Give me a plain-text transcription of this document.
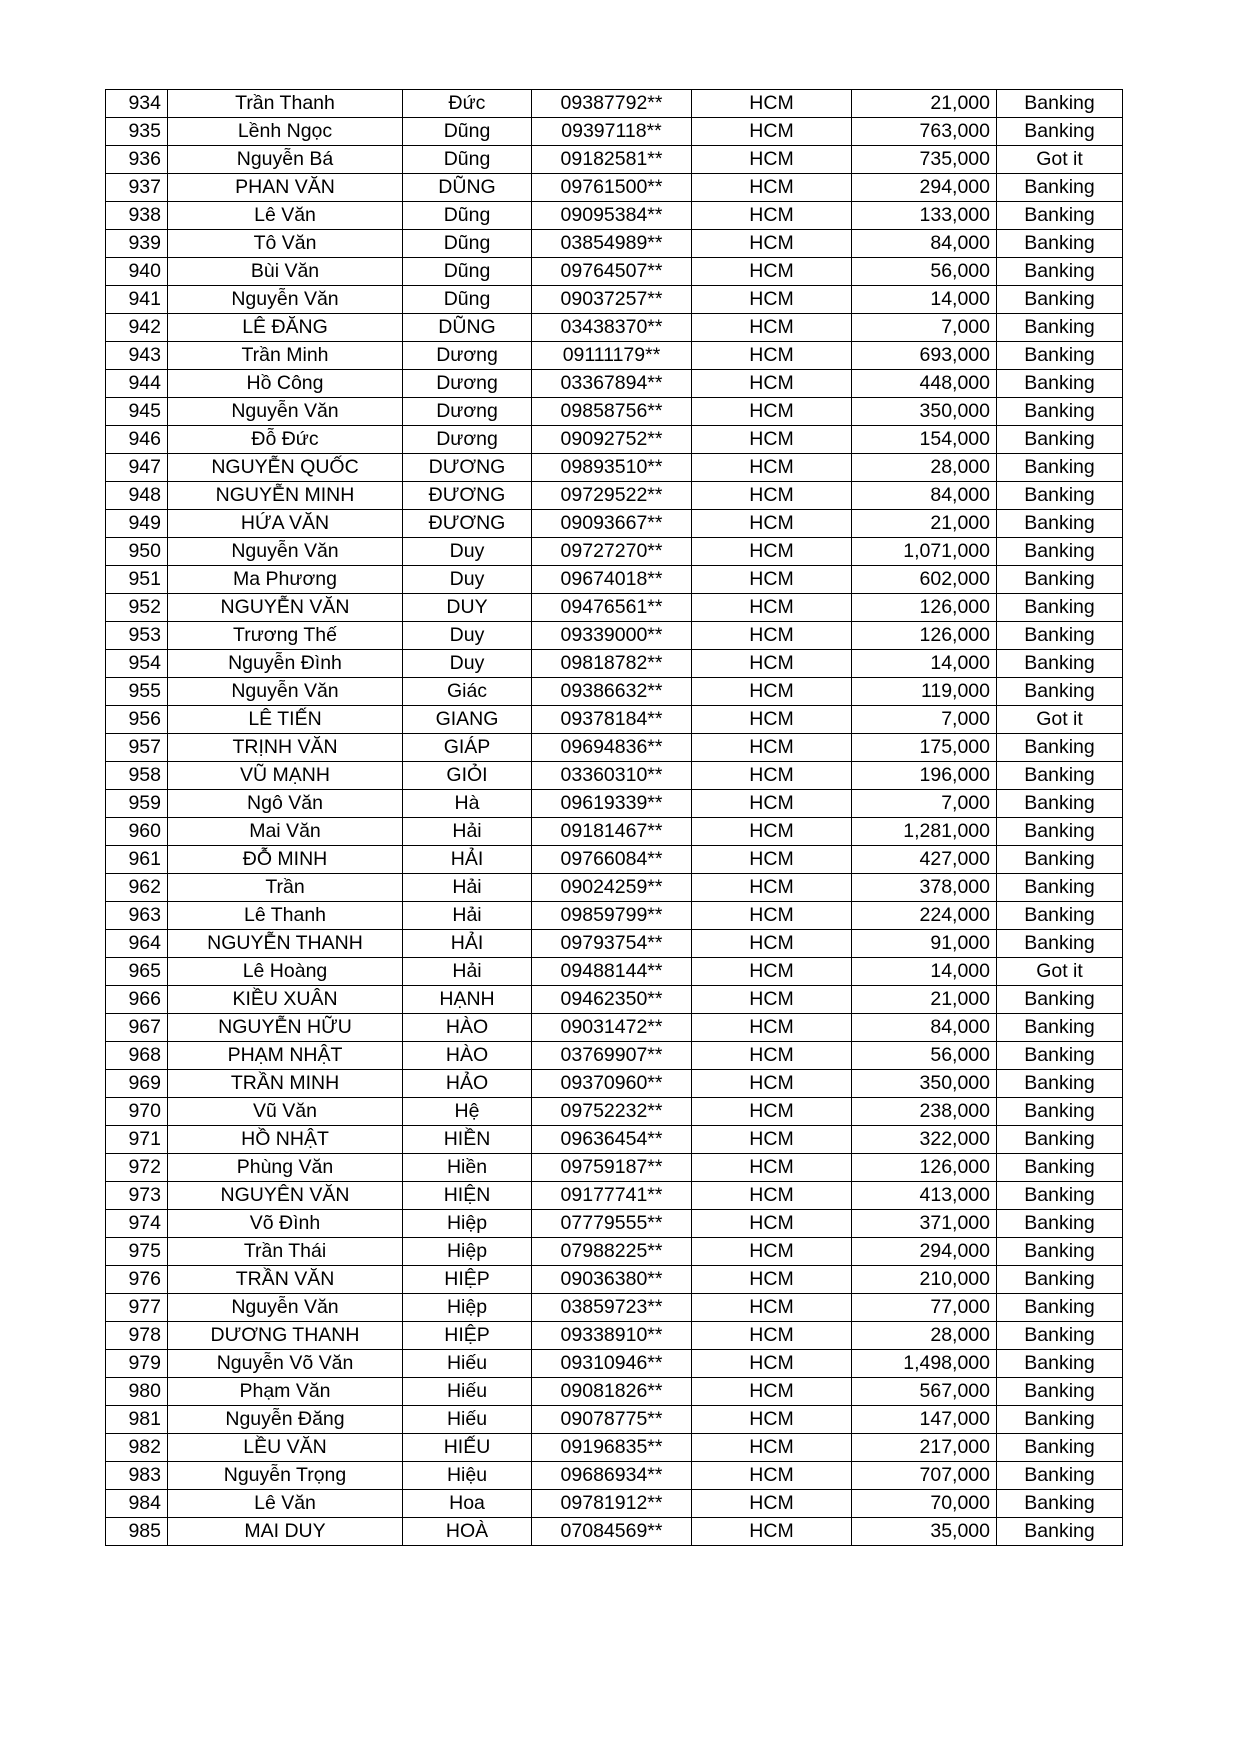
934	Trần Thanh	Đức	09387792**	HCM	21,000	Banking
935	Lềnh Ngọc	Dũng	09397118**	HCM	763,000	Banking
936	Nguyễn Bá	Dũng	09182581**	HCM	735,000	Got it
937	PHAN VĂN	DŨNG	09761500**	HCM	294,000	Banking
938	Lê Văn	Dũng	09095384**	HCM	133,000	Banking
939	Tô Văn	Dũng	03854989**	HCM	84,000	Banking
940	Bùi Văn	Dũng	09764507**	HCM	56,000	Banking
941	Nguyễn Văn	Dũng	09037257**	HCM	14,000	Banking
942	LÊ ĐĂNG	DŨNG	03438370**	HCM	7,000	Banking
943	Trần Minh	Dương	09111179**	HCM	693,000	Banking
944	Hồ Công	Dương	03367894**	HCM	448,000	Banking
945	Nguyễn Văn	Dương	09858756**	HCM	350,000	Banking
946	Đỗ Đức	Dương	09092752**	HCM	154,000	Banking
947	NGUYỄN QUỐC	DƯƠNG	09893510**	HCM	28,000	Banking
948	NGUYỄN MINH	ĐƯƠNG	09729522**	HCM	84,000	Banking
949	HỨA VĂN	ĐƯƠNG	09093667**	HCM	21,000	Banking
950	Nguyễn Văn	Duy	09727270**	HCM	1,071,000	Banking
951	Ma Phương	Duy	09674018**	HCM	602,000	Banking
952	NGUYỄN VĂN	DUY	09476561**	HCM	126,000	Banking
953	Trương Thế	Duy	09339000**	HCM	126,000	Banking
954	Nguyễn Đình	Duy	09818782**	HCM	14,000	Banking
955	Nguyễn Văn	Giác	09386632**	HCM	119,000	Banking
956	LÊ TIẾN	GIANG	09378184**	HCM	7,000	Got it
957	TRỊNH VĂN	GIÁP	09694836**	HCM	175,000	Banking
958	VŨ MẠNH	GIỎI	03360310**	HCM	196,000	Banking
959	Ngô Văn	Hà	09619339**	HCM	7,000	Banking
960	Mai Văn	Hải	09181467**	HCM	1,281,000	Banking
961	ĐỖ MINH	HẢI	09766084**	HCM	427,000	Banking
962	Trần	Hải	09024259**	HCM	378,000	Banking
963	Lê Thanh	Hải	09859799**	HCM	224,000	Banking
964	NGUYỄN THANH	HẢI	09793754**	HCM	91,000	Banking
965	Lê Hoàng	Hải	09488144**	HCM	14,000	Got it
966	KIỀU XUÂN	HẠNH	09462350**	HCM	21,000	Banking
967	NGUYỄN HỮU	HÀO	09031472**	HCM	84,000	Banking
968	PHẠM NHẬT	HÀO	03769907**	HCM	56,000	Banking
969	TRẦN MINH	HẢO	09370960**	HCM	350,000	Banking
970	Vũ Văn	Hệ	09752232**	HCM	238,000	Banking
971	HỒ NHẬT	HIỀN	09636454**	HCM	322,000	Banking
972	Phùng Văn	Hiền	09759187**	HCM	126,000	Banking
973	NGUYÊN VĂN	HIỆN	09177741**	HCM	413,000	Banking
974	Võ Đình	Hiệp	07779555**	HCM	371,000	Banking
975	Trần Thái	Hiệp	07988225**	HCM	294,000	Banking
976	TRẦN VĂN	HIỆP	09036380**	HCM	210,000	Banking
977	Nguyễn Văn	Hiệp	03859723**	HCM	77,000	Banking
978	DƯƠNG THANH	HIỆP	09338910**	HCM	28,000	Banking
979	Nguyễn Võ Văn	Hiếu	09310946**	HCM	1,498,000	Banking
980	Phạm Văn	Hiếu	09081826**	HCM	567,000	Banking
981	Nguyễn Đăng	Hiếu	09078775**	HCM	147,000	Banking
982	LỀU VĂN	HIẾU	09196835**	HCM	217,000	Banking
983	Nguyễn Trọng	Hiệu	09686934**	HCM	707,000	Banking
984	Lê Văn	Hoa	09781912**	HCM	70,000	Banking
985	MAI DUY	HOÀ	07084569**	HCM	35,000	Banking
